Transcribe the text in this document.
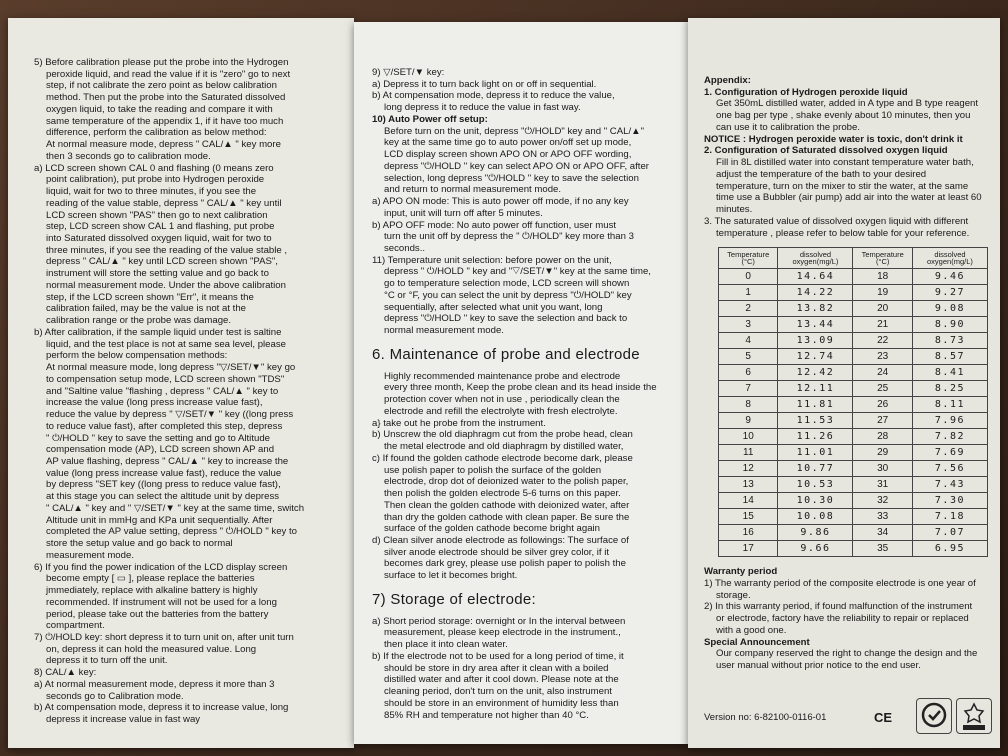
5) Before calibration please put the probe into the Hydrogen

peroxide liquid, and read the value if it is "zero" go to next

step, if not calibrate the zero point as below calibration

method. Then put the probe into the Saturated dissolved

oxygen liquid, to take the reading and compare it with

same temperature of the appendix 1, if it have too much

difference, perform the calibration as below method:

At normal measure mode, depress " CAL/▲ " key more

then 3 seconds go to calibration mode.

a) LCD screen shown CAL 0 and flashing (0 means zero

point calibration), put probe into Hydrogen peroxide

liquid, wait for two to three minutes, if you see the

reading of the value stable, depress " CAL/▲ " key until

LCD screen shown "PAS" then go to next calibration

step, LCD screen show CAL 1 and flashing, put probe

into Saturated dissolved oxygen liquid, wait for two to

three minutes, if you see the reading of the value stable ,

depress " CAL/▲ " key until LCD screen shown "PAS",

instrument will store the setting value and go back to

normal measurement mode. Under the above calibration

step, if the LCD screen shown "Err", it means the

calibration failed, may be the value is not at the

calibration range or the probe was damage.

b) After calibration, if the sample liquid under test is saltine

liquid, and the test place is not at same sea level, please

perform the below compensation methods:

At normal measure mode, long depress "▽/SET/▼" key go

to compensation setup mode, LCD screen shown "TDS"

and "Saltine value "flashing , depress " CAL/▲ " key to

increase the value (long press increase value fast),

reduce the value by depress " ▽/SET/▼ " key ((long press

to reduce value fast), after completed this step, depress

" ⏻/HOLD " key to save the setting and go to Altitude

compensation mode (AP), LCD screen shown AP and

AP value flashing, depress " CAL/▲ " key to increase the

value (long press increase value fast), reduce the value

by depress "SET key ((long press to reduce value fast),

at this stage you can select the altitude unit by depress

" CAL/▲ " key and " ▽/SET/▼ " key at the same time, switch

Altitude unit in mmHg and KPa unit sequentially. After

completed the AP value setting, depress " ⏻/HOLD " key to

store the setup value and go back to normal

measurement mode.

6) If you find the power indication of the LCD display screen

become empty [ ▭ ], please replace the batteries

jmmediately, replace with alkaline battery is highly

recommended. If instrument will not be used for a long

period, please take out the batteries from the battery

compartment.

7) ⏻/HOLD key: short depress it to turn unit on, after unit turn

on, depress it can hold the measured value. Long

depress it to turn off the unit.

8) CAL/▲ key:

a) At normal measurement mode, depress it more than 3

seconds go to Calibration mode.

b) At compensation mode, depress it to increase value, long

depress it increase value in fast way

9) ▽/SET/▼ key:

a) Depress it to turn back light on or off in sequential.

b) At compensation mode, depress it to reduce the value,

long depress it to reduce the value in fast way.

10) Auto Power off setup:

Before turn on the unit, depress "⏻/HOLD" key and " CAL/▲"

key at the same time go to auto power on/off set up mode,

LCD display screen shown APO ON or APO OFF wording,

depress "⏻/HOLD " key can select APO ON or APO OFF, after

selection, long depress "⏻/HOLD " key to save the selection

and return to normal measurement mode.

a) APO ON mode: This is auto power off mode, if no any key

input, unit will turn off after 5 minutes.

b) APO OFF mode: No auto power off function, user must

turn the unit off by depress the " ⏻/HOLD" key more than 3

seconds..

11) Temperature unit selection: before power on the unit,

depress " ⏻/HOLD " key and "▽/SET/▼" key at the same time,

go to temperature selection mode, LCD screen will shown

°C or °F, you can select the unit by depress "⏻/HOLD" key

sequentially, after selected what unit you want, long

depress "⏻/HOLD " key to save the selection and back to

normal measurement mode.

6. Maintenance of probe and electrode

Highly recommended maintenance probe and electrode

every three month, Keep the probe clean and its head inside the

protection cover when not in use , periodically clean the

electrode and refill the electrolyte with fresh electrolyte.

a} take out he probe from the instrument.

b) Unscrew the old diaphragm cut from the probe head, clean

the metal electrode and old diaphragm by distilled water,

c) If found the golden cathode electrode become dark, please

use polish paper to polish the surface of the golden

electrode, drop dot of deionized water to the polish paper,

then polish the golden electrode 5-6 turns on this paper.

Then clean the golden cathode with deionized water, after

than dry the golden cathode with clean paper. Be sure the

surface of the golden cathode become bright again

d) Clean silver anode electrode as followings: The surface of

silver anode electrode should be silver grey color, if it

becomes dark grey, please use polish paper to polish the

surface to let it becomes bright.

7) Storage of electrode:

a) Short period storage: overnight or In the interval between

measurement, please keep electrode in the instrument.,

then place it into clean water.

b) If the electrode not to be used for a long period of time, it

should be store in dry area after it clean with a boiled

distilled water and after it cool down. Please note at the

cleaning period, don't turn on the unit, also instrument

should be store in an environment of humidity less than

85% RH and temperature not higher than 40 °C.

Appendix:

1. Configuration of Hydrogen peroxide liquid

Get 350mL distilled water, added in A type and B type reagent

one bag per type , shake evenly about 10 minutes, then you

can use it to calibration the probe.

NOTICE : Hydrogen peroxide water is toxic, don't drink it

2. Configuration of Saturated dissolved oxygen liquid

Fill in 8L distilled water into constant temperature water bath,

adjust the temperature of the bath to your desired

temperature, turn on the mixer to stir the water, at the same

time use a Bubbler (air pump) add air into the water at least 60

minutes.

3. The saturated value of dissolved oxygen liquid with different

temperature , please refer to below table for your reference.

Temperature (°C)	dissolved oxygen(mg/L)	Temperature (°C)	dissolved oxygen(mg/L)
0	14.64	18	9.46
1	14.22	19	9.27
2	13.82	20	9.08
3	13.44	21	8.90
4	13.09	22	8.73
5	12.74	23	8.57
6	12.42	24	8.41
7	12.11	25	8.25
8	11.81	26	8.11
9	11.53	27	7.96
10	11.26	28	7.82
11	11.01	29	7.69
12	10.77	30	7.56
13	10.53	31	7.43
14	10.30	32	7.30
15	10.08	33	7.18
16	9.86	34	7.07
17	9.66	35	6.95

Warranty period

1) The warranty period of the composite electrode is one year of

storage.

2) In this warranty period, if found malfunction of the instrument

or electrode, factory have the reliability to repair or replaced

with a good one.

Special Announcement

Our company reserved the right to change the design and the

user manual without prior notice to the end user.

Version no: 6-82100-0116-01	CE
